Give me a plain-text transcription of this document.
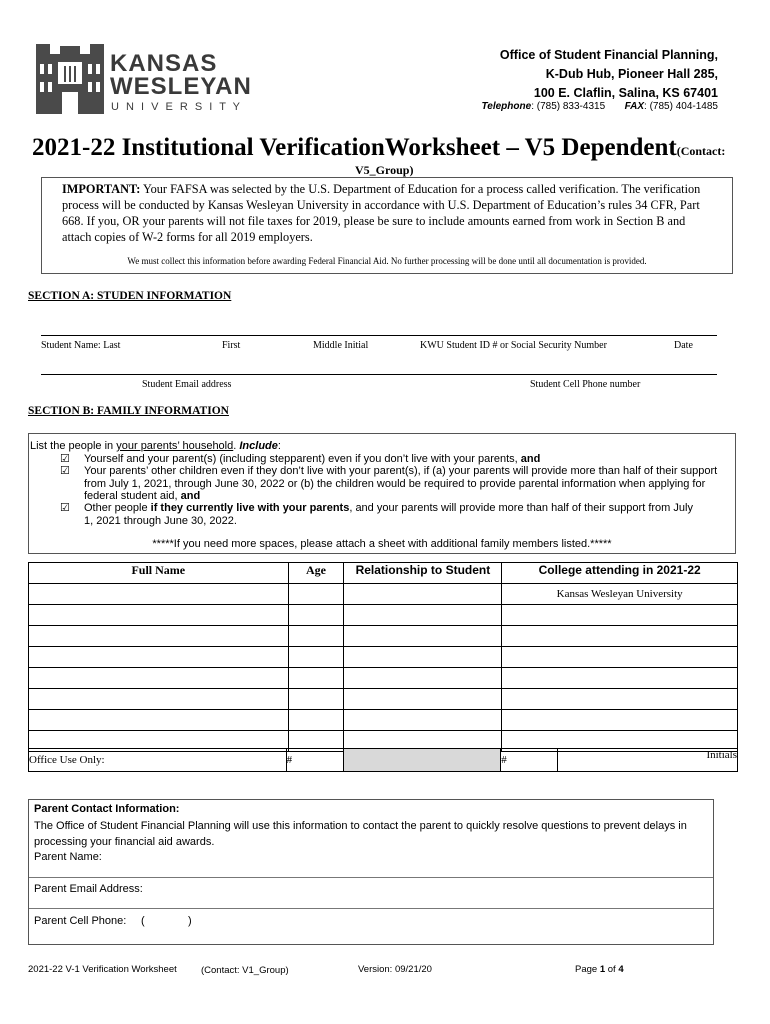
KANSAS
WESLEYAN
U N I V E R S I T Y
Office of Student Financial Planning,
K-Dub Hub, Pioneer Hall 285,
100 E. Claflin, Salina, KS 67401
Telephone: (785) 833-4315 FAX: (785) 404-1485
2021-22 Institutional VerificationWorksheet – V5 Dependent(Contact:
V5_Group)
IMPORTANT: Your FAFSA was selected by the U.S. Department of Education for a process called verification. The verification process will be conducted by Kansas Wesleyan University in accordance with U.S. Department of Education’s rules 34 CFR, Part 668. If you, OR your parents will not file taxes for 2019, please be sure to include amounts earned from work in Section B and attach copies of W-2 forms for all 2019 employers.
We must collect this information before awarding Federal Financial Aid. No further processing will be done until all documentation is provided.
SECTION A: STUDEN INFORMATION
Student Name: Last	First	Middle Initial	KWU Student ID # or Social Security Number	Date
Student Email address	Student Cell Phone number
SECTION B: FAMILY INFORMATION
List the people in your parents’ household. Include:
☑ Yourself and your parent(s) (including stepparent) even if you don’t live with your parents, and
☑ Your parents’ other children even if they don’t live with your parent(s), if (a) your parents will provide more than half of their support from July 1, 2021, through June 30, 2022 or (b) the children would be required to provide parental information when applying for federal student aid, and
☑ Other people if they currently live with your parents, and your parents will provide more than half of their support from July 1, 2021 through June 30, 2022.
*****If you need more spaces, please attach a sheet with additional family members listed.*****
Full Name	Age	Relationship to Student	College attending in 2021-22
			Kansas Wesleyan University

Office Use Only:	#		#	Initials
Parent Contact Information:
The Office of Student Financial Planning will use this information to contact the parent to quickly resolve questions to prevent delays in processing your financial aid awards.
Parent Name:
Parent Email Address:
Parent Cell Phone: (	)
2021-22 V-1 Verification Worksheet	(Contact: V1_Group)	Version: 09/21/20	Page 1 of 4
